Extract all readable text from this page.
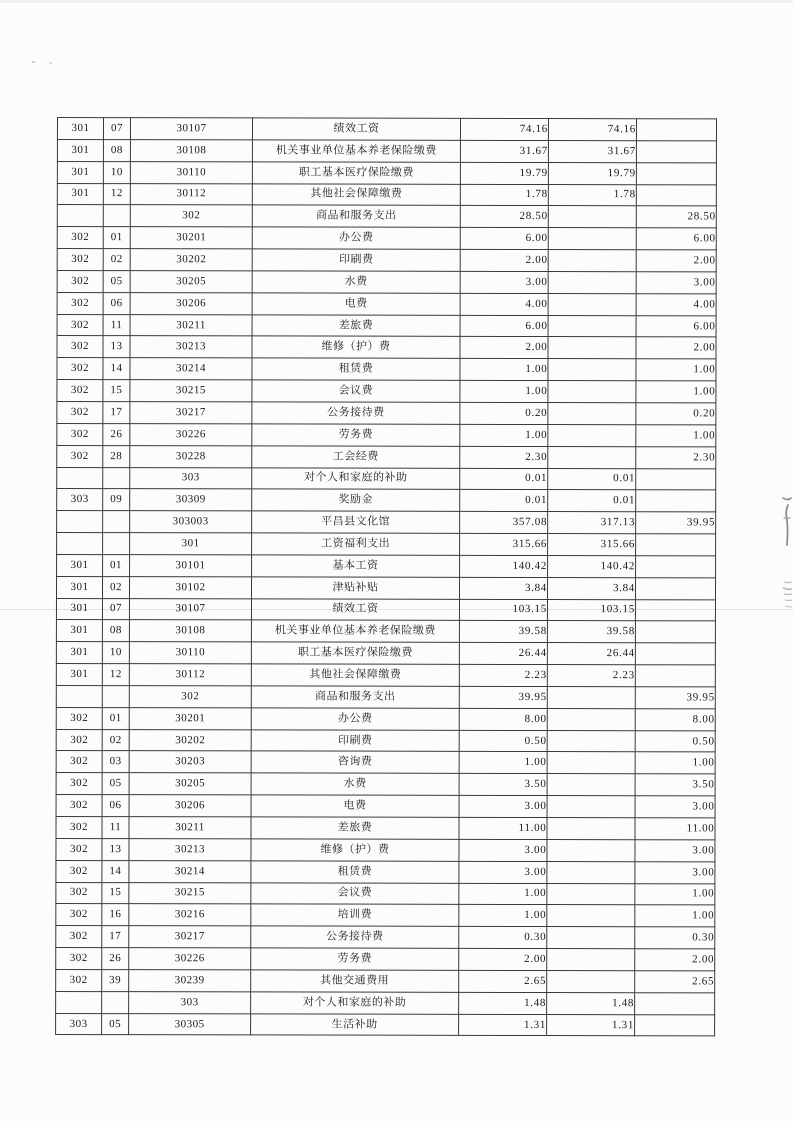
301	07	30107	绩效工资	74.16	74.16	
301	08	30108	机关事业单位基本养老保险缴费	31.67	31.67	
301	10	30110	职工基本医疗保险缴费	19.79	19.79	
301	12	30112	其他社会保障缴费	1.78	1.78	
		302	商品和服务支出	28.50		28.50
302	01	30201	办公费	6.00		6.00
302	02	30202	印刷费	2.00		2.00
302	05	30205	水费	3.00		3.00
302	06	30206	电费	4.00		4.00
302	11	30211	差旅费	6.00		6.00
302	13	30213	维修（护）费	2.00		2.00
302	14	30214	租赁费	1.00		1.00
302	15	30215	会议费	1.00		1.00
302	17	30217	公务接待费	0.20		0.20
302	26	30226	劳务费	1.00		1.00
302	28	30228	工会经费	2.30		2.30
		303	对个人和家庭的补助	0.01	0.01	
303	09	30309	奖励金	0.01	0.01	
		303003	平昌县文化馆	357.08	317.13	39.95
		301	工资福利支出	315.66	315.66	
301	01	30101	基本工资	140.42	140.42	
301	02	30102	津贴补贴	3.84	3.84	
301	07	30107	绩效工资	103.15	103.15	
301	08	30108	机关事业单位基本养老保险缴费	39.58	39.58	
301	10	30110	职工基本医疗保险缴费	26.44	26.44	
301	12	30112	其他社会保障缴费	2.23	2.23	
		302	商品和服务支出	39.95		39.95
302	01	30201	办公费	8.00		8.00
302	02	30202	印刷费	0.50		0.50
302	03	30203	咨询费	1.00		1.00
302	05	30205	水费	3.50		3.50
302	06	30206	电费	3.00		3.00
302	11	30211	差旅费	11.00		11.00
302	13	30213	维修（护）费	3.00		3.00
302	14	30214	租赁费	3.00		3.00
302	15	30215	会议费	1.00		1.00
302	16	30216	培训费	1.00		1.00
302	17	30217	公务接待费	0.30		0.30
302	26	30226	劳务费	2.00		2.00
302	39	30239	其他交通费用	2.65		2.65
		303	对个人和家庭的补助	1.48	1.48	
303	05	30305	生活补助	1.31	1.31	
